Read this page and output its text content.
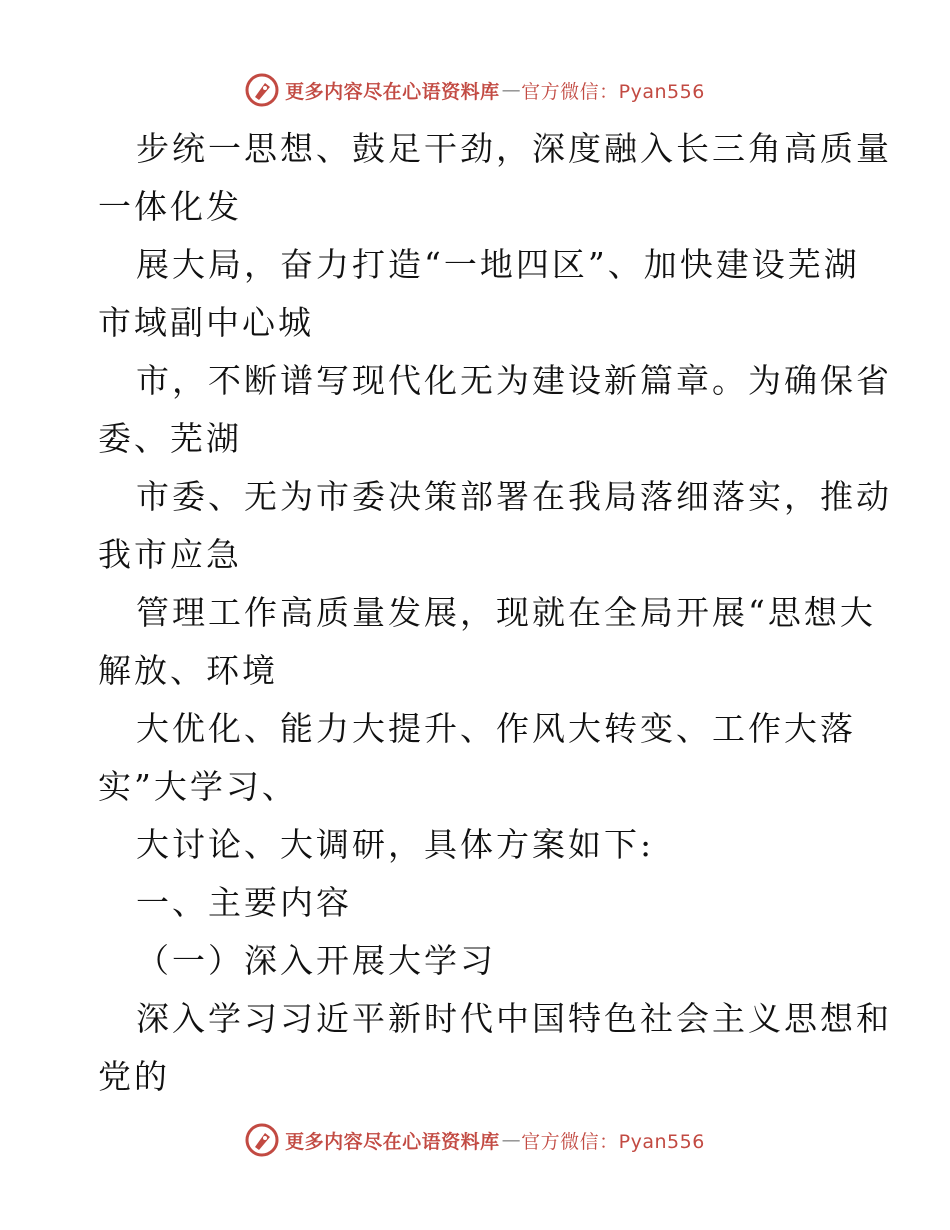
更多内容尽在心语资料库 — 官方微信：Pyan556
步统一思想、鼓足干劲，深度融入长三角高质量
一体化发
展大局，奋力打造“一地四区”、加快建设芜湖
市域副中心城
市，不断谱写现代化无为建设新篇章。为确保省
委、芜湖
市委、无为市委决策部署在我局落细落实，推动
我市应急
管理工作高质量发展，现就在全局开展“思想大
解放、环境
大优化、能力大提升、作风大转变、工作大落
实”大学习、
大讨论、大调研，具体方案如下:
一、主要内容
（一）深入开展大学习
深入学习习近平新时代中国特色社会主义思想和
党的
更多内容尽在心语资料库 — 官方微信：Pyan556
